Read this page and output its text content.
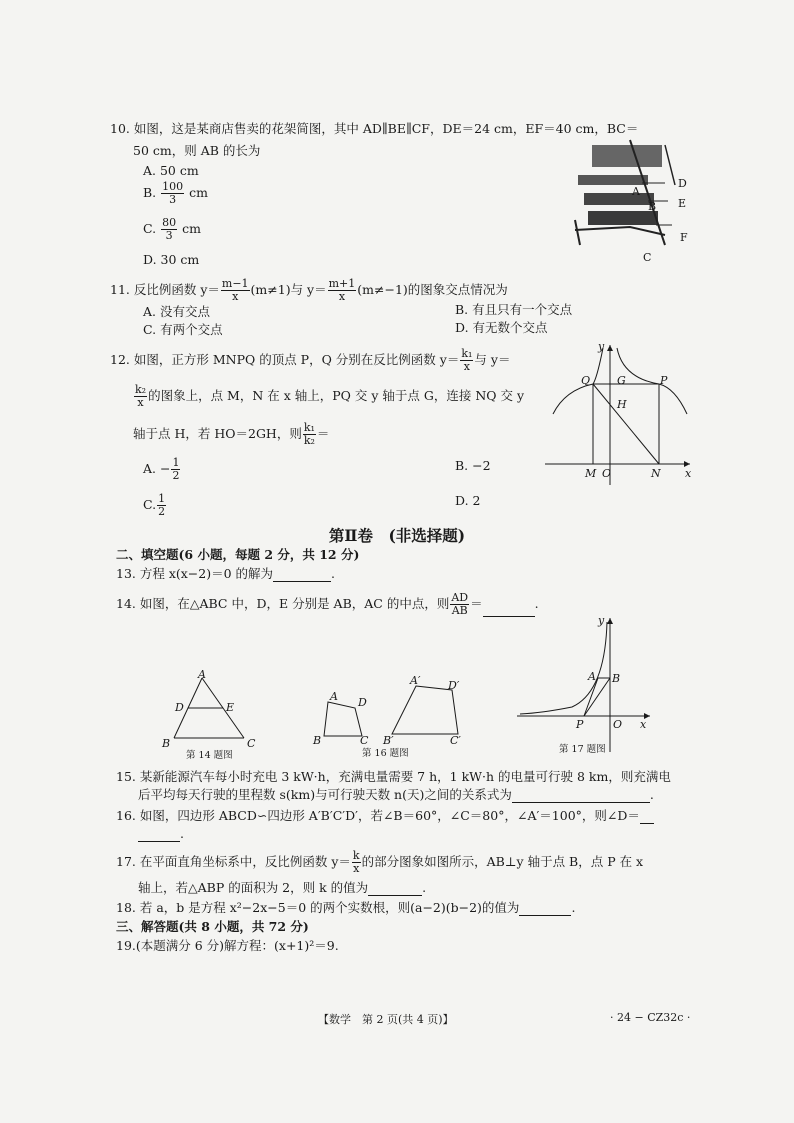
10. 如图，这是某商店售卖的花架简图，其中 AD∥BE∥CF，DE＝24 cm，EF＝40 cm，BC＝
50 cm，则 AB 的长为
A. 50 cm
B. $\frac{100}{3}$ cm
C. $\frac{80}{3}$ cm
D. 30 cm
A
B
C
D
E
F
11. 反比例函数 $y= \frac{m-1}{x} (m\ne 1)$与 $y= \frac{m+1}{x} (m\ne-1)$的图象交点情况为
A. 没有交点	B. 有且只有一个交点
C. 有两个交点	D. 有无数个交点
12. 如图，正方形 MNPQ 的顶点 P，Q 分别在反比例函数 $y= \frac{\text{k₁}}{x}$ 与 y＝
$\frac{\text{k₂}}{x}$ 的图象上，点 M，N 在 x 轴上，PQ 交 y 轴于点 G，连接 NQ 交 y
轴于点 H，若 HO＝2GH，则 $\frac{\text{k₁}}{\text{k₂}}$ ＝
A. − $\frac{1}{2}$	B. −2
C. $\frac{1}{2}$	D. 2
y
x
Q G	P
H
M O	N
第Ⅱ卷　(非选择题)
二、填空题(6 小题，每题 2 分，共 12 分)
13. 方程 x(x−2)＝0 的解为	.
14. 如图，在△ABC 中，D，E 分别是 AB，AC 的中点，则 $\frac{AD}{AB}$ ＝	.
A
D	E
B	C
第 14 题图
A D
B	C
A′	D′
B′	C′
第 16 题图
y
A B
P	O x
第 17 题图
15. 某新能源汽车每小时充电 3 kW·h，充满电量需要 7 h，1 kW·h 的电量可行驶 8 km，则充满电
后平均每天行驶的里程数 s(km)与可行驶天数 n(天)之间的关系式为	.
16. 如图，四边形 ABCD∽四边形 A′B′C′D′，若∠B＝60°，∠C＝80°，∠A′＝100°，则∠D＝
.
17. 在平面直角坐标系中，反比例函数 $y= \frac{k}{x}$ 的部分图象如图所示，AB⊥y 轴于点 B，点 P 在 x
轴上，若△ABP 的面积为 2，则 k 的值为	.
18. 若 a，b 是方程 x²−2x−5＝0 的两个实数根，则(a−2)(b−2)的值为	.
三、解答题(共 8 小题，共 72 分)
19.(本题满分 6 分)解方程：(x+1)²＝9.
【数学　第 2 页(共 4 页)】	· 24 − CZ32c ·
